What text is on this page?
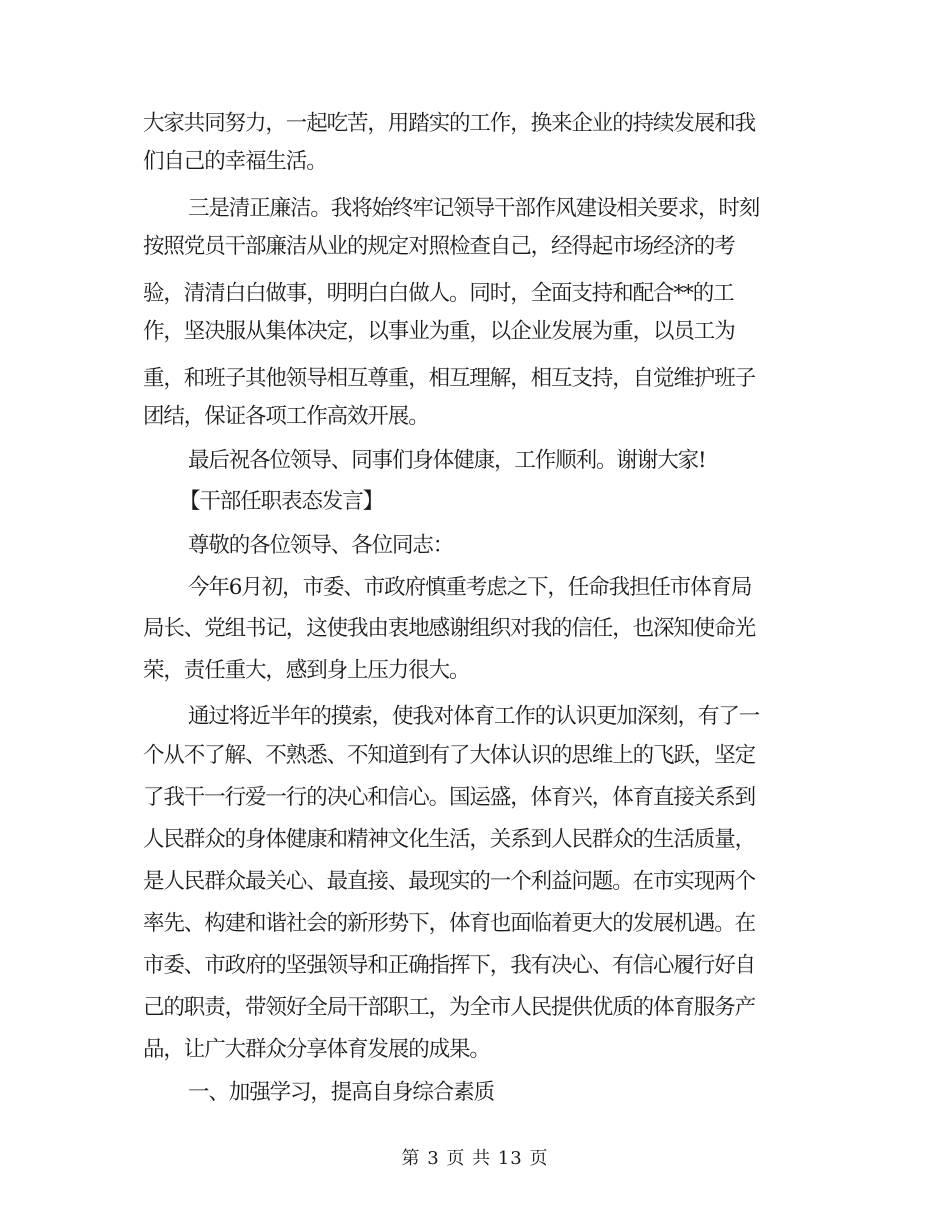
大家共同努力，一起吃苦，用踏实的工作，换来企业的持续发展和我
们自己的幸福生活。
三是清正廉洁。我将始终牢记领导干部作风建设相关要求，时刻
按照党员干部廉洁从业的规定对照检查自己，经得起市场经济的考
验，清清白白做事，明明白白做人。同时，全面支持和配合**的工
作，坚决服从集体决定，以事业为重，以企业发展为重，以员工为
重，和班子其他领导相互尊重，相互理解，相互支持，自觉维护班子
团结，保证各项工作高效开展。
最后祝各位领导、同事们身体健康，工作顺利。谢谢大家!
【干部任职表态发言】
尊敬的各位领导、各位同志：
今年6月初，市委、市政府慎重考虑之下，任命我担任市体育局
局长、党组书记，这使我由衷地感谢组织对我的信任，也深知使命光
荣，责任重大，感到身上压力很大。
通过将近半年的摸索，使我对体育工作的认识更加深刻，有了一
个从不了解、不熟悉、不知道到有了大体认识的思维上的飞跃，坚定
了我干一行爱一行的决心和信心。国运盛，体育兴，体育直接关系到
人民群众的身体健康和精神文化生活，关系到人民群众的生活质量，
是人民群众最关心、最直接、最现实的一个利益问题。在市实现两个
率先、构建和谐社会的新形势下，体育也面临着更大的发展机遇。在
市委、市政府的坚强领导和正确指挥下，我有决心、有信心履行好自
己的职责，带领好全局干部职工，为全市人民提供优质的体育服务产
品，让广大群众分享体育发展的成果。
一、加强学习，提高自身综合素质
第 3 页 共 13 页
